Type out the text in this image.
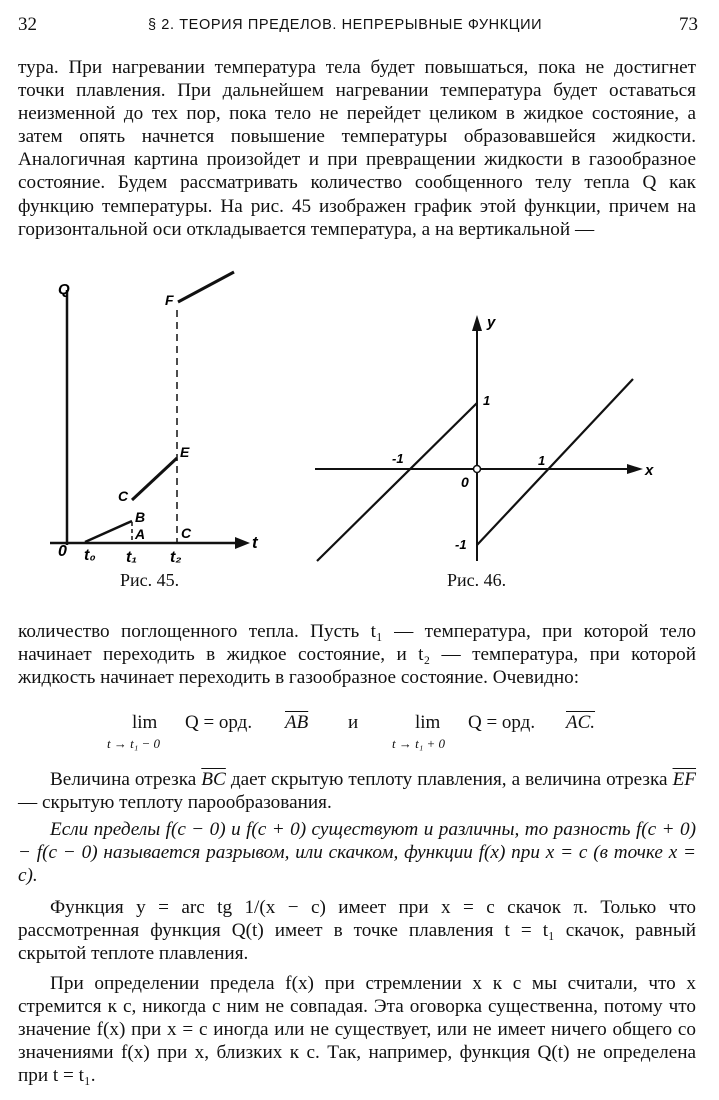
32	§ 2. ТЕОРИЯ ПРЕДЕЛОВ. НЕПРЕРЫВНЫЕ ФУНКЦИИ	73

тура. При нагревании температура тела будет повышаться, пока не достигнет точки плавления. При дальнейшем нагревании температура будет оставаться неизменной до тех пор, пока тело не перейдет целиком в жидкое состояние, а затем опять начнется повышение температуры образовавшейся жидкости. Аналогичная картина произойдет и при превращении жидкости в газообразное состояние. Будем рассматривать количество сообщенного телу тепла Q как функцию температуры. На рис. 45 изображен график этой функции, причем на горизонтальной оси откладывается температура, а на вертикальной —

Q
t
0 t₀ t₁ t₂
A
B
C
C
E
F
Рис. 45.
y
x
0
-1	1
1
-1
Рис. 46.

количество поглощенного тепла. Пусть t₁ — температура, при которой тело начинает переходить в жидкое состояние, и t₂ — температура, при которой жидкость начинает переходить в газообразное состояние. Очевидно:

lim
t → t₁ − 0
Q = орд. $\overline{AB}$ и	lim
t → t₁ + 0
Q = орд. AC.

Величина отрезка $\overline{BC}$ дает скрытую теплоту плавления, а величина отрезка $\overline{EF}$ — скрытую теплоту парообразования.

Если пределы f(c − 0) и f(c + 0) существуют и различны, то разность f(c + 0) − f(c − 0) называется разрывом, или скачком, функции f(x) при x = c (в точке x = c).

Функция y = arc tg 1/(x − c) имеет при x = c скачок π. Только что рассмотренная функция Q(t) имеет в точке плавления t = t₁ скачок, равный скрытой теплоте плавления.

При определении предела f(x) при стремлении x к c мы считали, что x стремится к c, никогда с ним не совпадая. Эта оговорка существенна, потому что значение f(x) при x = c иногда или не существует, или не имеет ничего общего со значениями f(x) при x, близких к c. Так, например, функция Q(t) не определена при t = t₁.
